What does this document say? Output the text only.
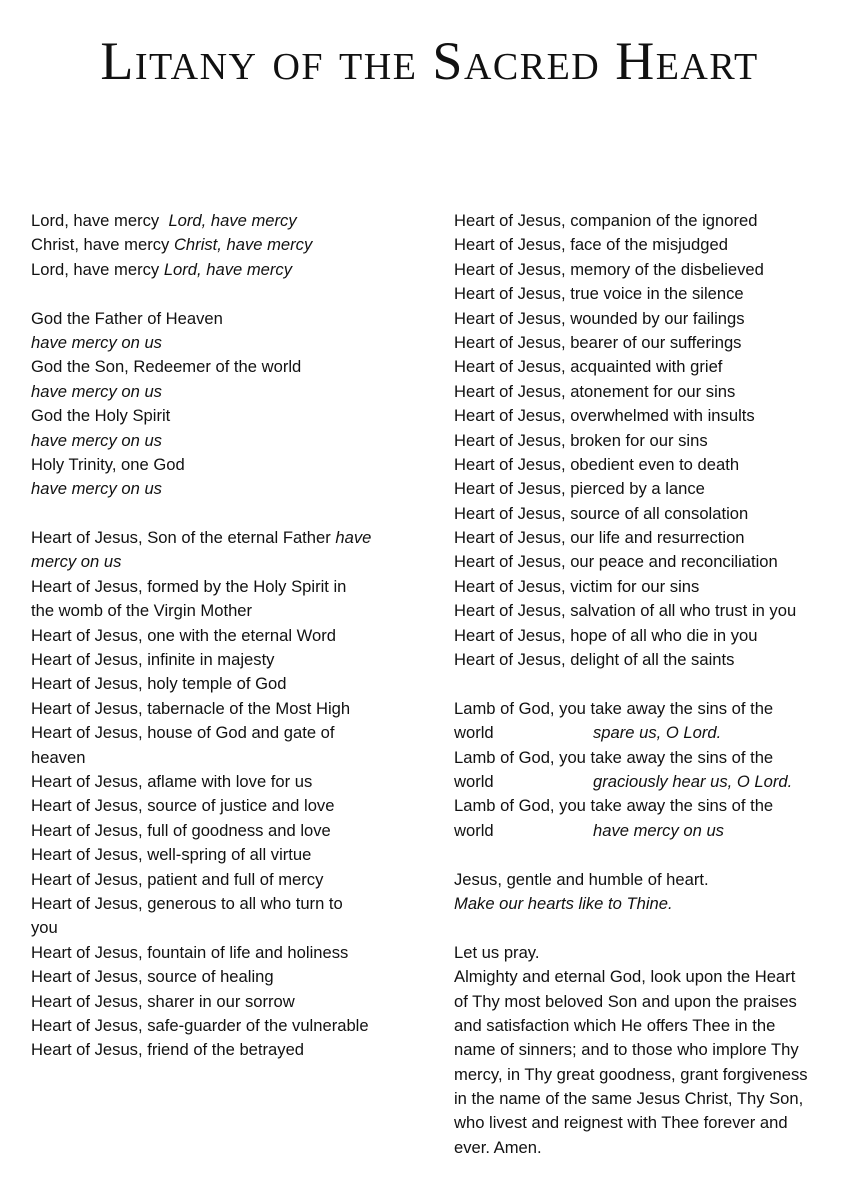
Litany of the Sacred Heart
Lord, have mercy Lord, have mercy
Christ, have mercy Christ, have mercy
Lord, have mercy Lord, have mercy
God the Father of Heaven
have mercy on us
God the Son, Redeemer of the world
have mercy on us
God the Holy Spirit
have mercy on us
Holy Trinity, one God
have mercy on us
Heart of Jesus, Son of the eternal Father have
mercy on us
Heart of Jesus, formed by the Holy Spirit in
the womb of the Virgin Mother
Heart of Jesus, one with the eternal Word
Heart of Jesus, infinite in majesty
Heart of Jesus, holy temple of God
Heart of Jesus, tabernacle of the Most High
Heart of Jesus, house of God and gate of
heaven
Heart of Jesus, aflame with love for us
Heart of Jesus, source of justice and love
Heart of Jesus, full of goodness and love
Heart of Jesus, well-spring of all virtue
Heart of Jesus, patient and full of mercy
Heart of Jesus, generous to all who turn to
you
Heart of Jesus, fountain of life and holiness
Heart of Jesus, source of healing
Heart of Jesus, sharer in our sorrow
Heart of Jesus, safe-guarder of the vulnerable
Heart of Jesus, friend of the betrayed
Heart of Jesus, companion of the ignored
Heart of Jesus, face of the misjudged
Heart of Jesus, memory of the disbelieved
Heart of Jesus, true voice in the silence
Heart of Jesus, wounded by our failings
Heart of Jesus, bearer of our sufferings
Heart of Jesus, acquainted with grief
Heart of Jesus, atonement for our sins
Heart of Jesus, overwhelmed with insults
Heart of Jesus, broken for our sins
Heart of Jesus, obedient even to death
Heart of Jesus, pierced by a lance
Heart of Jesus, source of all consolation
Heart of Jesus, our life and resurrection
Heart of Jesus, our peace and reconciliation
Heart of Jesus, victim for our sins
Heart of Jesus, salvation of all who trust in you
Heart of Jesus, hope of all who die in you
Heart of Jesus, delight of all the saints
Lamb of God, you take away the sins of the
world	spare us, O Lord.
Lamb of God, you take away the sins of the
world	graciously hear us, O Lord.
Lamb of God, you take away the sins of the
world	have mercy on us
Jesus, gentle and humble of heart.
Make our hearts like to Thine.
Let us pray.
Almighty and eternal God, look upon the Heart
of Thy most beloved Son and upon the praises
and satisfaction which He offers Thee in the
name of sinners; and to those who implore Thy
mercy, in Thy great goodness, grant forgiveness
in the name of the same Jesus Christ, Thy Son,
who livest and reignest with Thee forever and
ever. Amen.
